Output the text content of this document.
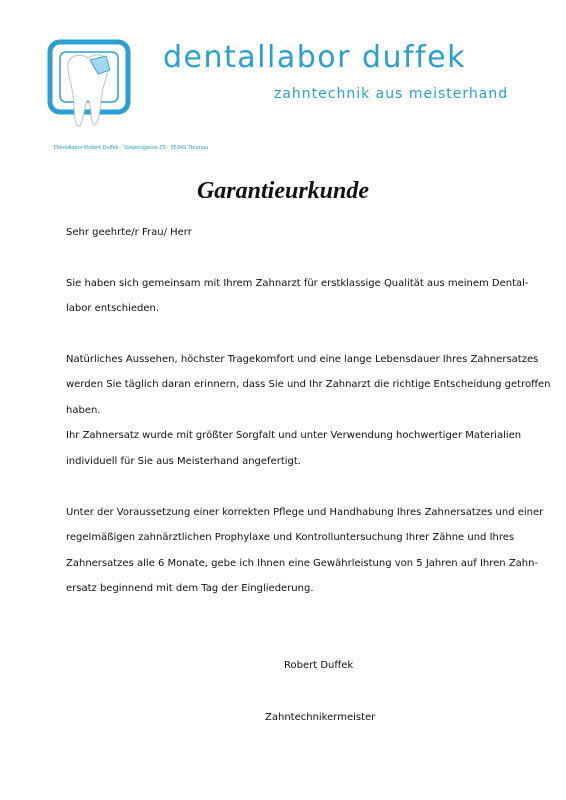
dentallabor duffek
zahntechnik aus meisterhand
Dentallabor Robert Duffek · Stegersgasse 23 · 95349 Thurnau
Garantieurkunde
Sehr geehrte/r Frau/ Herr
Sie haben sich gemeinsam mit Ihrem Zahnarzt für erstklassige Qualität aus meinem Dental-
labor entschieden.
Natürliches Aussehen, höchster Tragekomfort und eine lange Lebensdauer Ihres Zahnersatzes
werden Sie täglich daran erinnern, dass Sie und Ihr Zahnarzt die richtige Entscheidung getroffen
haben.
Ihr Zahnersatz wurde mit größter Sorgfalt und unter Verwendung hochwertiger Materialien
individuell für Sie aus Meisterhand angefertigt.
Unter der Voraussetzung einer korrekten Pflege und Handhabung Ihres Zahnersatzes und einer
regelmäßigen zahnärztlichen Prophylaxe und Kontrolluntersuchung Ihrer Zähne und Ihres
Zahnersatzes alle 6 Monate, gebe ich Ihnen eine Gewährleistung von 5 Jahren auf Ihren Zahn-
ersatz beginnend mit dem Tag der Eingliederung.
Robert Duffek
Zahntechnikermeister
